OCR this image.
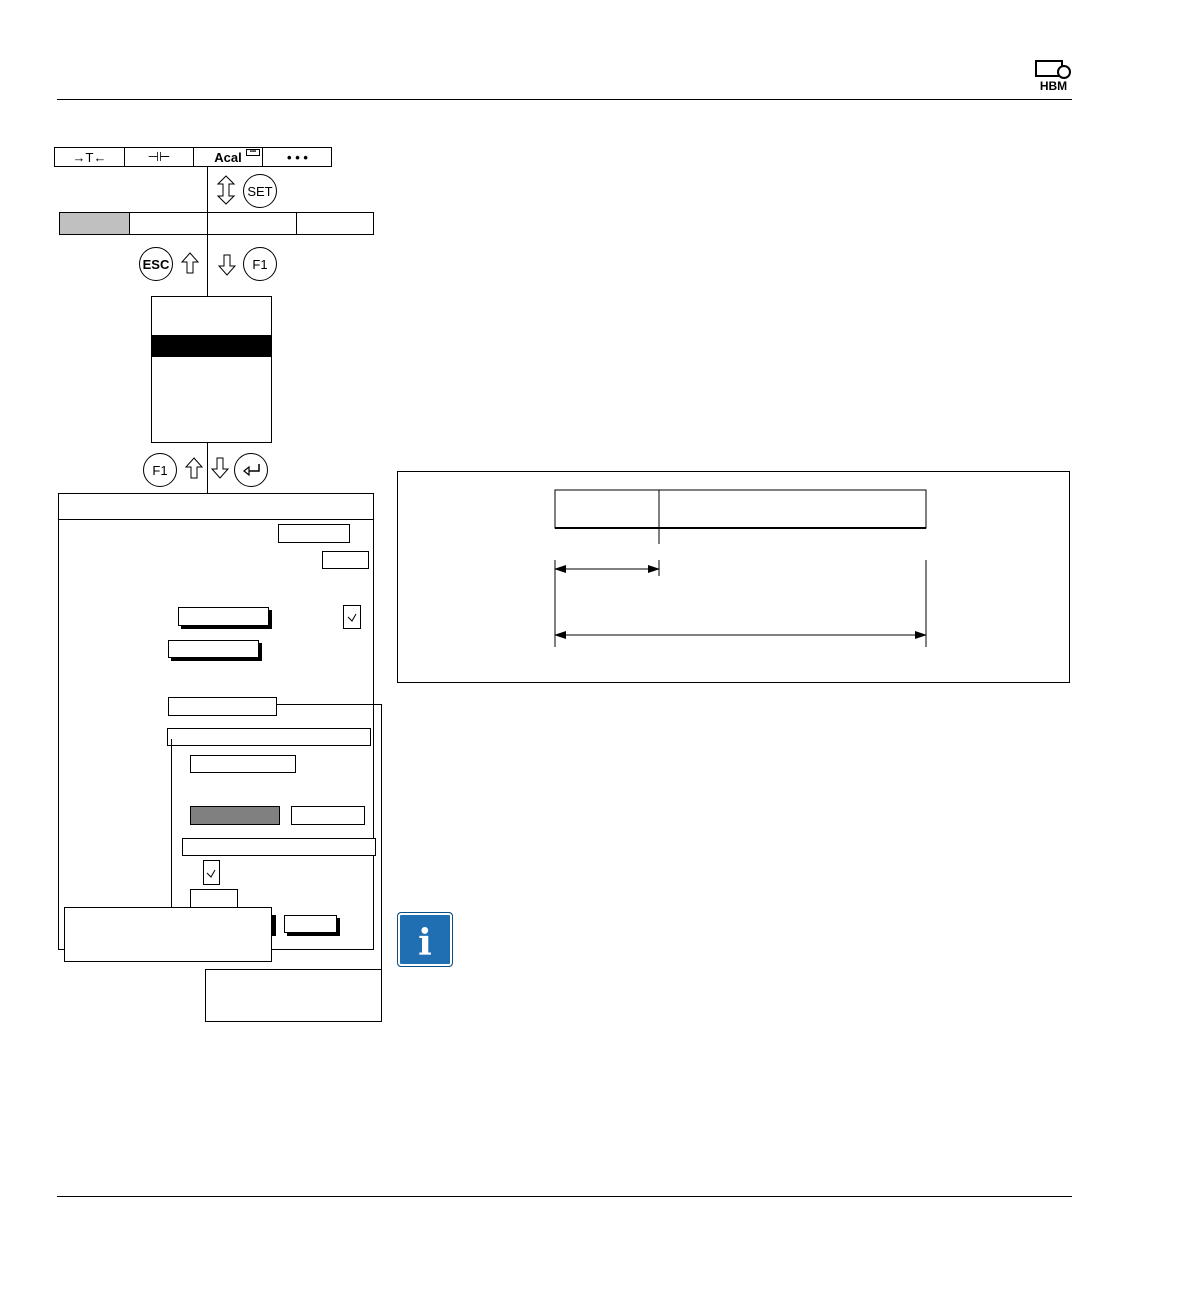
HBM
→T←	⊣⊢	Acal	••• • • •
SET
ESC	F1
F1
i
